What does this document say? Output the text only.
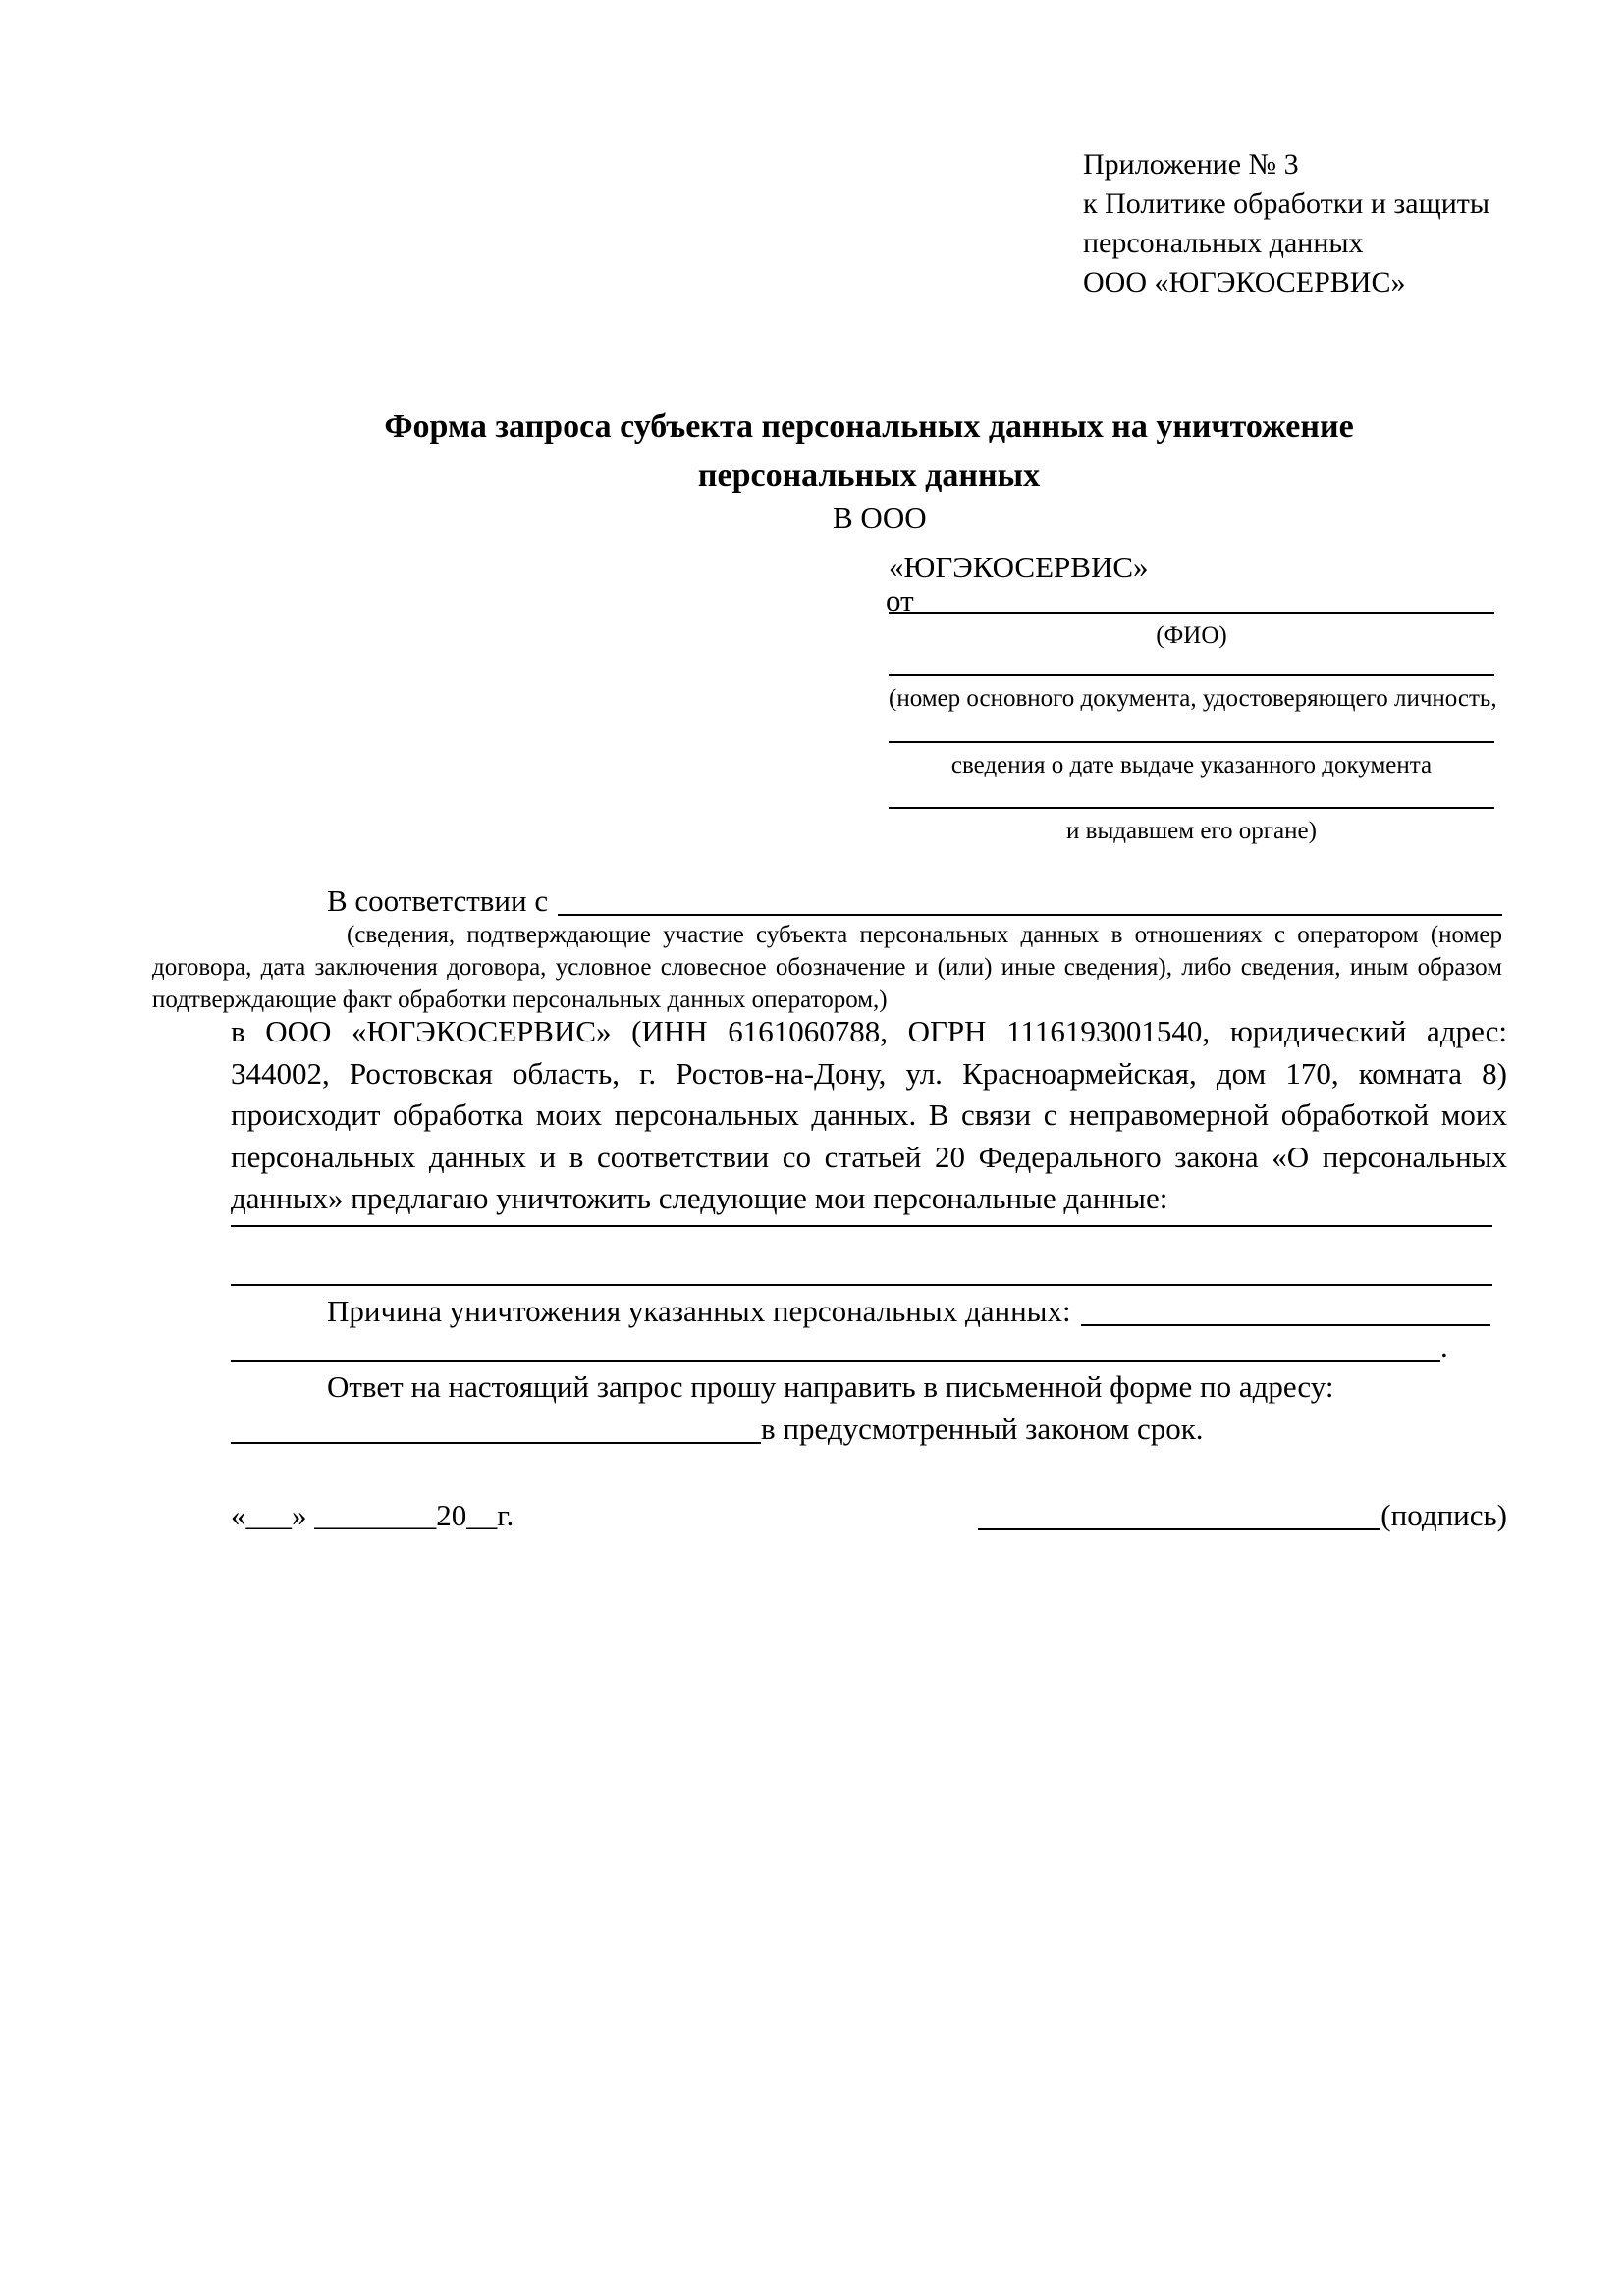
Приложение № 3
к Политике обработки и защиты
персональных данных
ООО «ЮГЭКОСЕРВИС»
Форма запроса субъекта персональных данных на уничтожение персональных данных
В ООО
«ЮГЭКОСЕРВИС»
от
(ФИО)
(номер основного документа, удостоверяющего личность,
сведения о дате выдаче указанного документа
и выдавшем его органе)
В соответствии с
(сведения, подтверждающие участие субъекта персональных данных в отношениях с оператором (номер договора, дата заключения договора, условное словесное обозначение и (или) иные сведения), либо сведения, иным образом подтверждающие факт обработки персональных данных оператором,)
в ООО «ЮГЭКОСЕРВИС» (ИНН 6161060788, ОГРН 1116193001540, юридический адрес: 344002, Ростовская область, г. Ростов-на-Дону, ул. Красноармейская, дом 170, комната 8) происходит обработка моих персональных данных. В связи с неправомерной обработкой моих персональных данных и в соответствии со статьей 20 Федерального закона «О персональных данных» предлагаю уничтожить следующие мои персональные данные:
Причина уничтожения указанных персональных данных:
.
Ответ на настоящий запрос прошу направить в письменной форме по адресу:
в предусмотренный законом срок.
«___» ________20__г.	(подпись)
